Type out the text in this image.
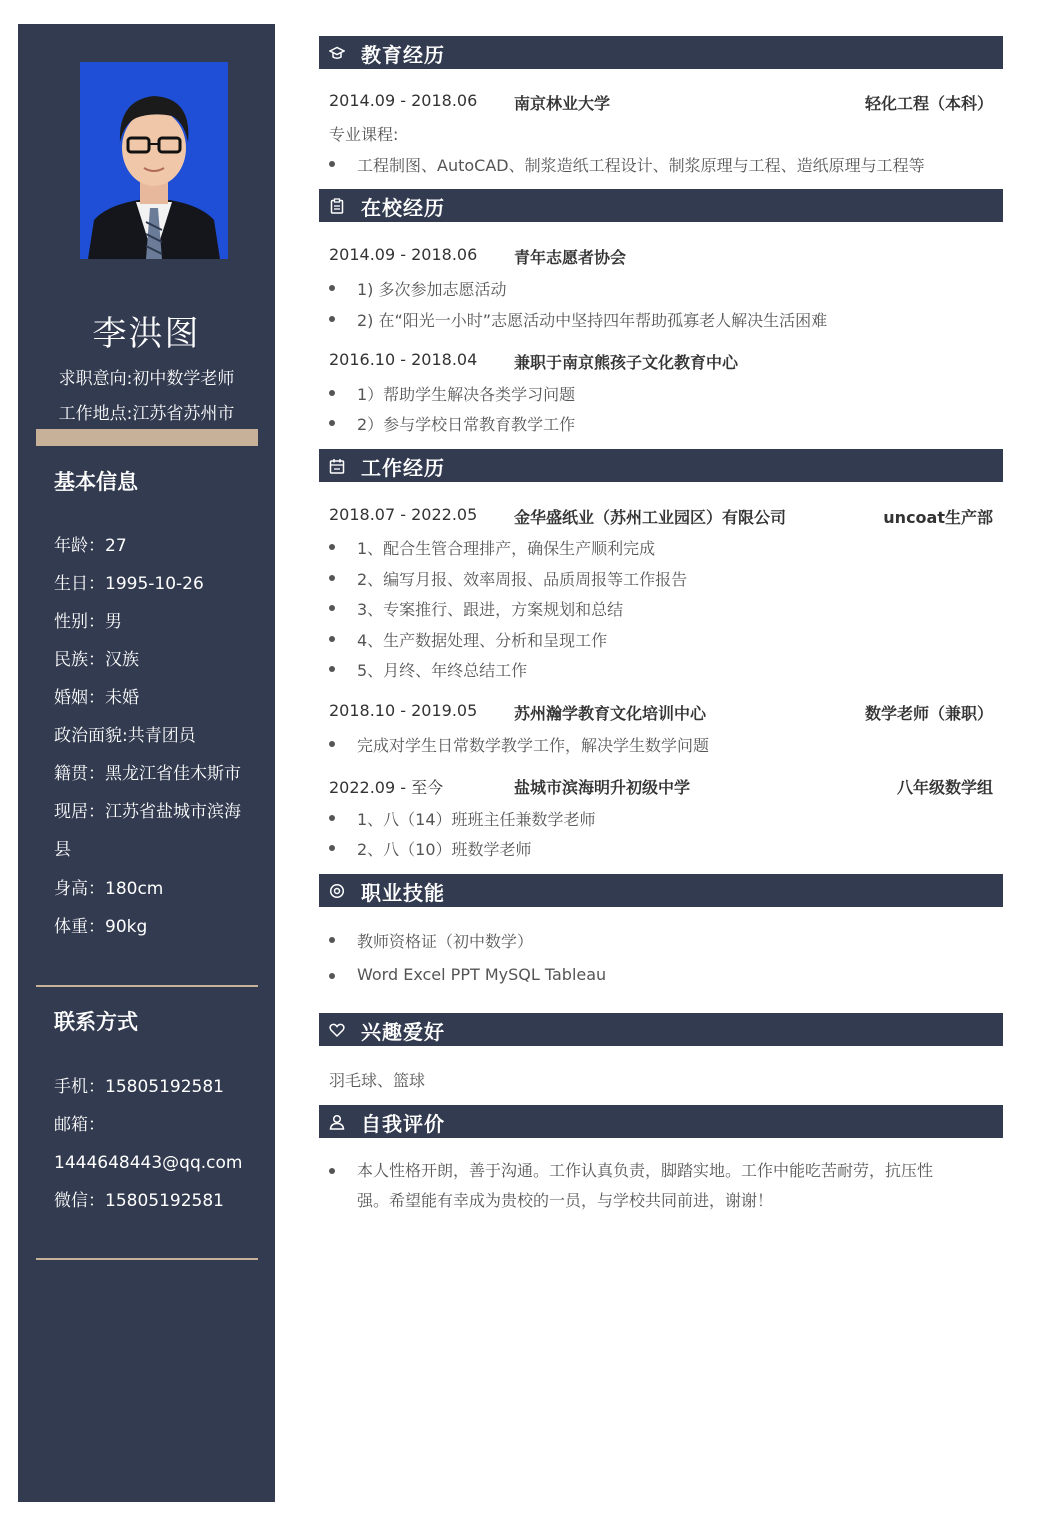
李洪图
求职意向:初中数学老师
工作地点:江苏省苏州市
基本信息
年龄：27
生日：1995-10-26
性别：男
民族：汉族
婚姻：未婚
政治面貌:共青团员
籍贯：黑龙江省佳木斯市
现居：江苏省盐城市滨海
县
身高：180cm
体重：90kg
联系方式
手机：15805192581
邮箱：
1444648443@qq.com
微信：15805192581
教育经历
2014.09 - 2018.06 南京林业大学	轻化工程（本科）
专业课程:
工程制图、AutoCAD、制浆造纸工程设计、制浆原理与工程、造纸原理与工程等
在校经历
2014.09 - 2018.06 青年志愿者协会
1) 多次参加志愿活动
2) 在“阳光一小时”志愿活动中坚持四年帮助孤寡老人解决生活困难
2016.10 - 2018.04 兼职于南京熊孩子文化教育中心
1）帮助学生解决各类学习问题
2）参与学校日常教育教学工作
工作经历
2018.07 - 2022.05 金华盛纸业（苏州工业园区）有限公司	uncoat生产部
1、配合生管合理排产，确保生产顺利完成
2、编写月报、效率周报、品质周报等工作报告
3、专案推行、跟进，方案规划和总结
4、生产数据处理、分析和呈现工作
5、月终、年终总结工作
2018.10 - 2019.05 苏州瀚学教育文化培训中心	数学老师（兼职）
完成对学生日常数学教学工作，解决学生数学问题
2022.09 - 至今	盐城市滨海明升初级中学	八年级数学组
1、八（14）班班主任兼数学老师
2、八（10）班数学老师
职业技能
教师资格证（初中数学）
Word Excel PPT MySQL Tableau
兴趣爱好
羽毛球、篮球
自我评价
本人性格开朗，善于沟通。工作认真负责，脚踏实地。工作中能吃苦耐劳，抗压性
强。希望能有幸成为贵校的一员，与学校共同前进，谢谢！
